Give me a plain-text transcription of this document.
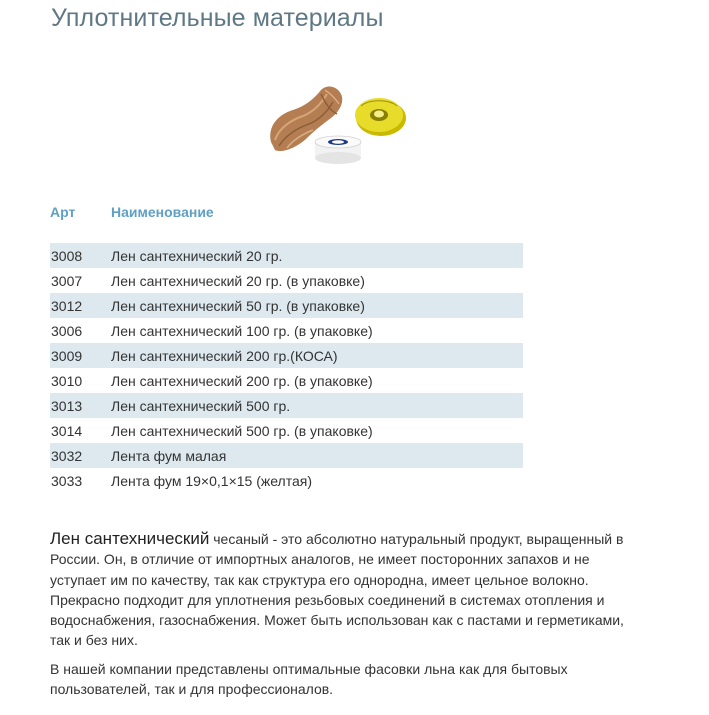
Уплотнительные материалы
Арт	Наименование
3008	Лен сантехнический 20 гр.
3007	Лен сантехнический 20 гр. (в упаковке)
3012	Лен сантехнический 50 гр. (в упаковке)
3006	Лен сантехнический 100 гр. (в упаковке)
3009	Лен сантехнический 200 гр.(КОСА)
3010	Лен сантехнический 200 гр. (в упаковке)
3013	Лен сантехнический 500 гр.
3014	Лен сантехнический 500 гр. (в упаковке)
3032	Лента фум малая
3033	Лента фум 19×0,1×15 (желтая)

Лен сантехнический чесаный - это абсолютно натуральный продукт, выращенный в России. Он, в отличие от импортных аналогов, не имеет посторонних запахов и не уступает им по качеству, так как структура его однородна, имеет цельное волокно. Прекрасно подходит для уплотнения резьбовых соединений в системах отопления и водоснабжения, газоснабжения. Может быть использован как с пастами и герметиками, так и без них.

В нашей компании представлены оптимальные фасовки льна как для бытовых пользователей, так и для профессионалов.
